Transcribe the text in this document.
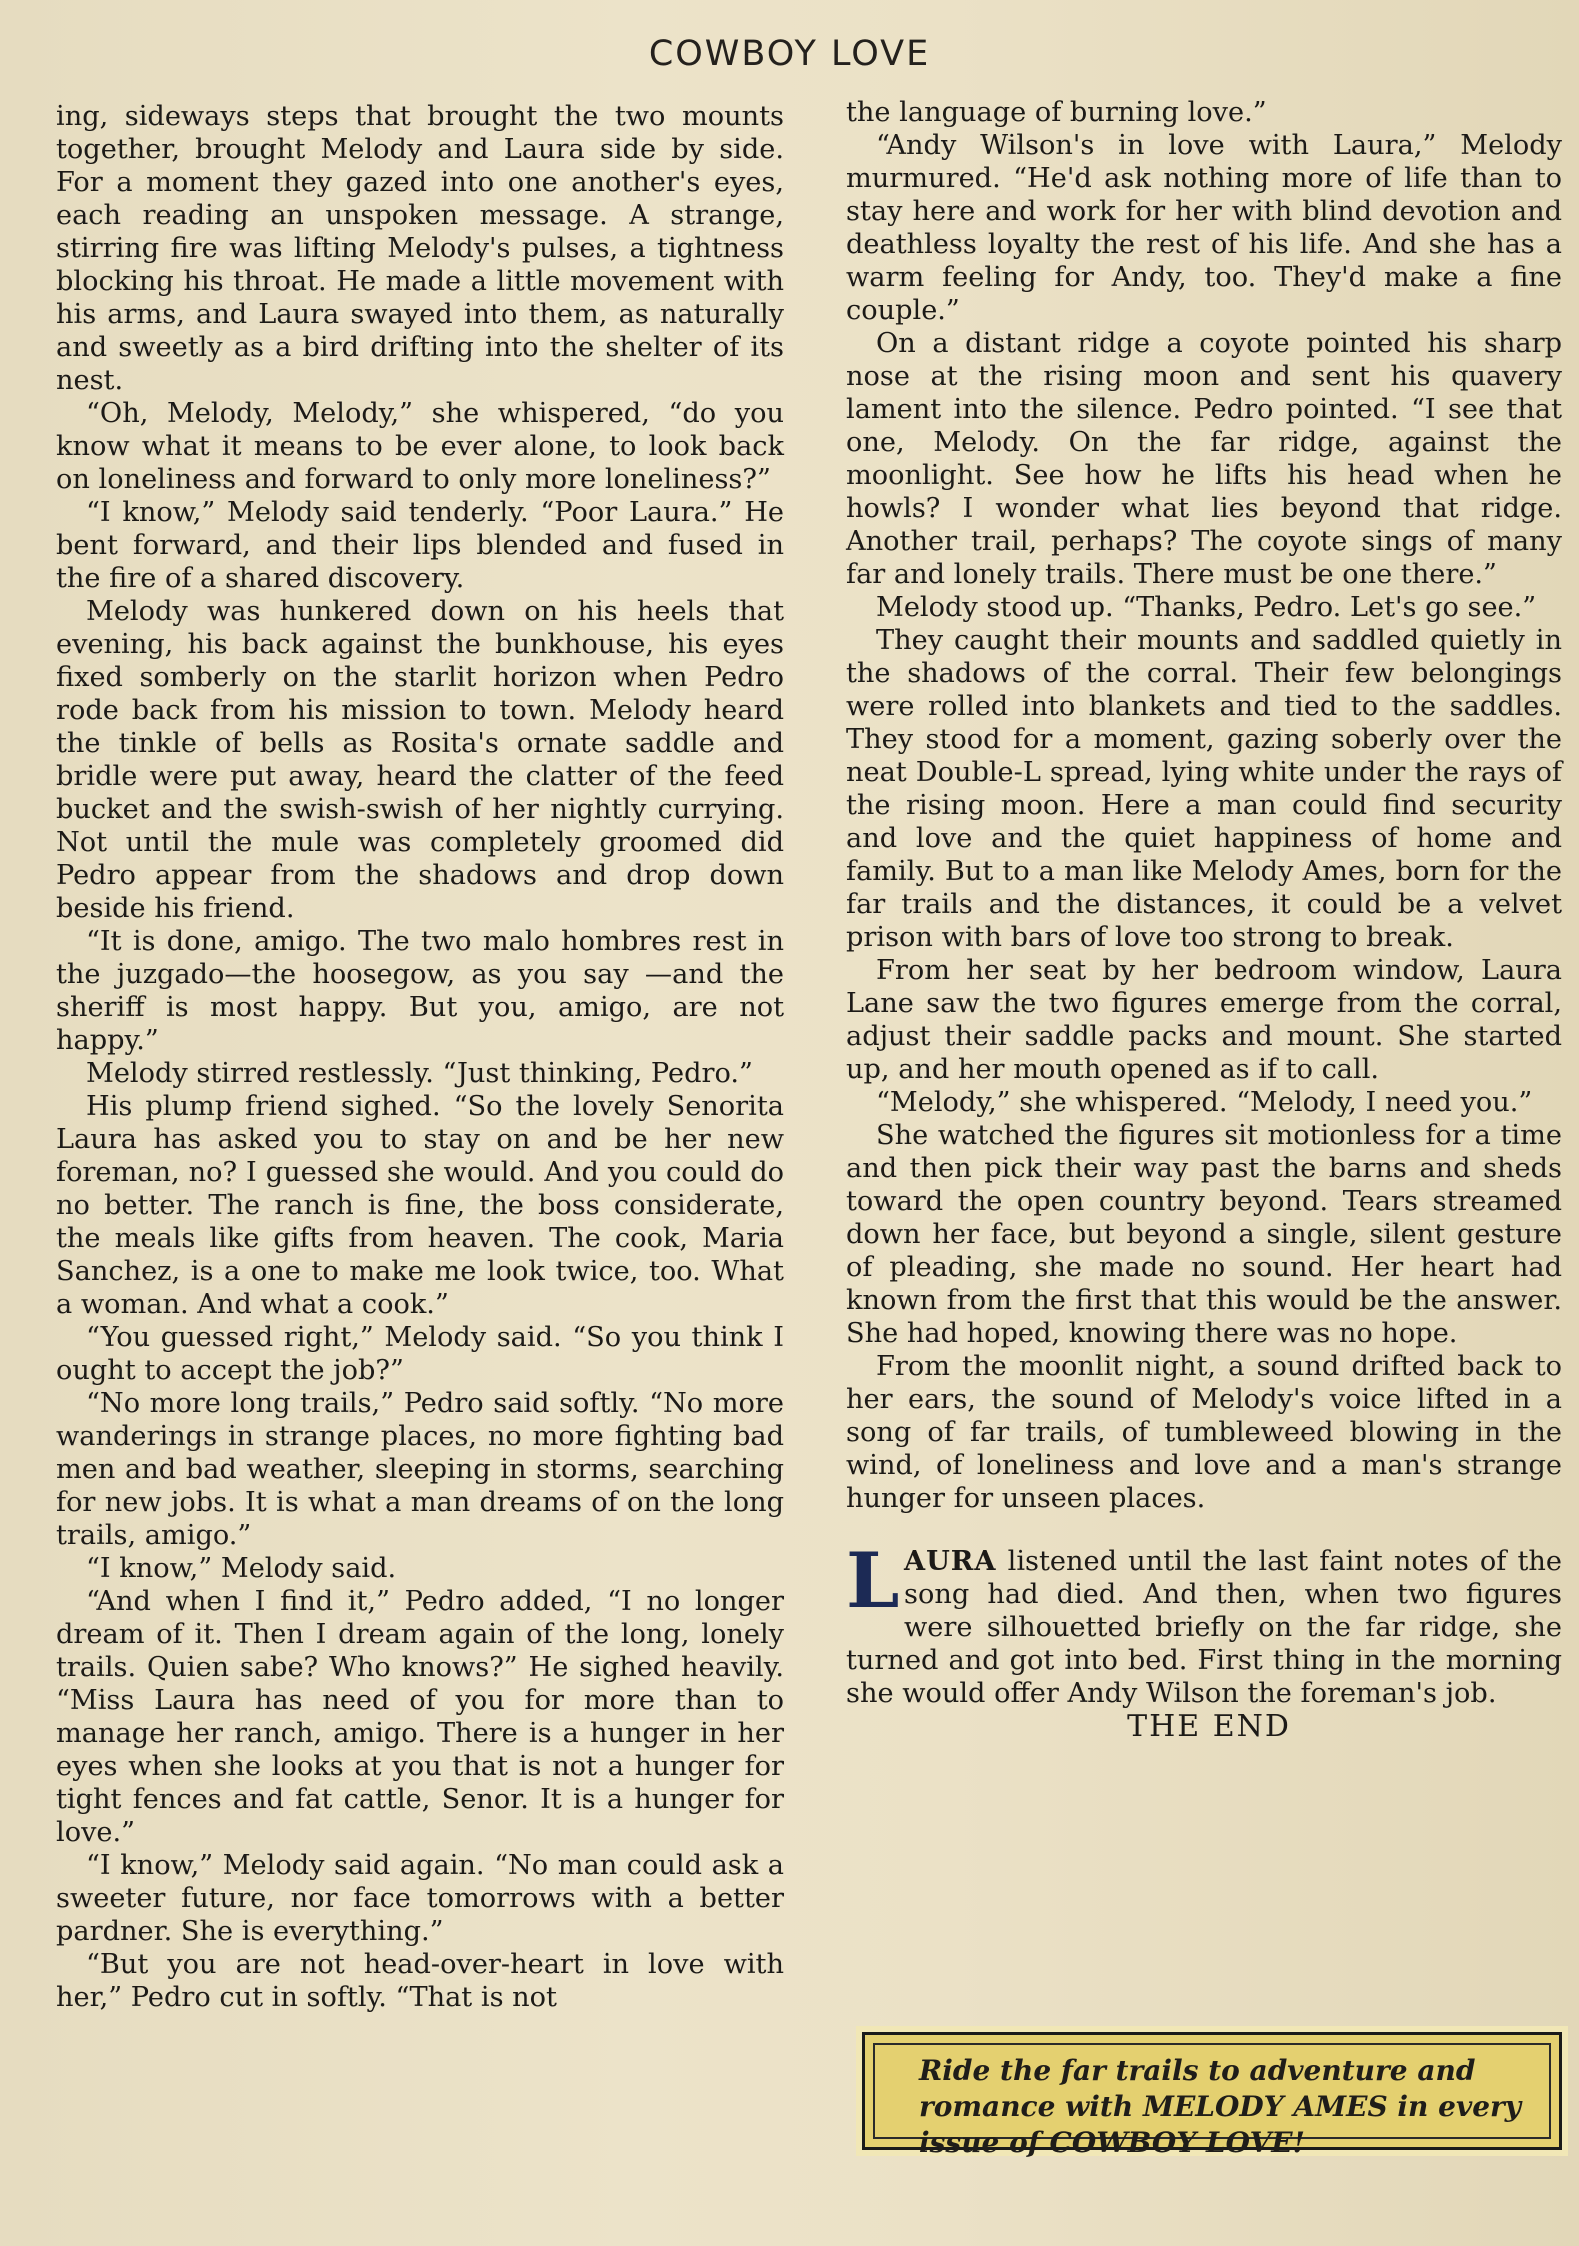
COWBOY LOVE

ing, sideways steps that brought the two mounts together, brought Melody and Laura side by side. For a moment they gazed into one another's eyes, each reading an unspoken message. A strange, stirring fire was lifting Melody's pulses, a tightness blocking his throat. He made a little movement with his arms, and Laura swayed into them, as naturally and sweetly as a bird drifting into the shelter of its nest.

“Oh, Melody, Melody,” she whispered, “do you know what it means to be ever alone, to look back on loneliness and forward to only more loneliness?”

“I know,” Melody said tenderly. “Poor Laura.” He bent forward, and their lips blended and fused in the fire of a shared discovery.

Melody was hunkered down on his heels that evening, his back against the bunkhouse, his eyes fixed somberly on the starlit horizon when Pedro rode back from his mission to town. Melody heard the tinkle of bells as Rosita's ornate saddle and bridle were put away, heard the clatter of the feed bucket and the swish-swish of her nightly currying. Not until the mule was completely groomed did Pedro appear from the shadows and drop down beside his friend.

“It is done, amigo. The two malo hombres rest in the juzgado—the hoosegow, as you say —and the sheriff is most happy. But you, amigo, are not happy.”

Melody stirred restlessly. “Just thinking, Pedro.”

His plump friend sighed. “So the lovely Senorita Laura has asked you to stay on and be her new foreman, no? I guessed she would. And you could do no better. The ranch is fine, the boss considerate, the meals like gifts from heaven. The cook, Maria Sanchez, is a one to make me look twice, too. What a woman. And what a cook.”

“You guessed right,” Melody said. “So you think I ought to accept the job?”

“No more long trails,” Pedro said softly. “No more wanderings in strange places, no more fighting bad men and bad weather, sleeping in storms, searching for new jobs. It is what a man dreams of on the long trails, amigo.”

“I know,” Melody said.

“And when I find it,” Pedro added, “I no longer dream of it. Then I dream again of the long, lonely trails. Quien sabe? Who knows?” He sighed heavily. “Miss Laura has need of you for more than to manage her ranch, amigo. There is a hunger in her eyes when she looks at you that is not a hunger for tight fences and fat cattle, Senor. It is a hunger for love.”

“I know,” Melody said again. “No man could ask a sweeter future, nor face tomorrows with a better pardner. She is everything.”

“But you are not head-over-heart in love with her,” Pedro cut in softly. “That is not

the language of burning love.”

“Andy Wilson's in love with Laura,” Melody murmured. “He'd ask nothing more of life than to stay here and work for her with blind devotion and deathless loyalty the rest of his life. And she has a warm feeling for Andy, too. They'd make a fine couple.”

On a distant ridge a coyote pointed his sharp nose at the rising moon and sent his quavery lament into the silence. Pedro pointed. “I see that one, Melody. On the far ridge, against the moonlight. See how he lifts his head when he howls? I wonder what lies beyond that ridge. Another trail, perhaps? The coyote sings of many far and lonely trails. There must be one there.”

Melody stood up. “Thanks, Pedro. Let's go see.”

They caught their mounts and saddled quietly in the shadows of the corral. Their few belongings were rolled into blankets and tied to the saddles. They stood for a moment, gazing soberly over the neat Double-L spread, lying white under the rays of the rising moon. Here a man could find security and love and the quiet happiness of home and family. But to a man like Melody Ames, born for the far trails and the distances, it could be a velvet prison with bars of love too strong to break.

From her seat by her bedroom window, Laura Lane saw the two figures emerge from the corral, adjust their saddle packs and mount. She started up, and her mouth opened as if to call.

“Melody,” she whispered. “Melody, I need you.”

She watched the figures sit motionless for a time and then pick their way past the barns and sheds toward the open country beyond. Tears streamed down her face, but beyond a single, silent gesture of pleading, she made no sound. Her heart had known from the first that this would be the answer. She had hoped, knowing there was no hope.

From the moonlit night, a sound drifted back to her ears, the sound of Melody's voice lifted in a song of far trails, of tumbleweed blowing in the wind, of loneliness and love and a man's strange hunger for unseen places.

LAURA listened until the last faint notes of the song had died. And then, when two figures were silhouetted briefly on the far ridge, she turned and got into bed. First thing in the morning she would offer Andy Wilson the foreman's job.

THE END

Ride the far trails to adventure and romance with MELODY AMES in every issue of COWBOY LOVE!
